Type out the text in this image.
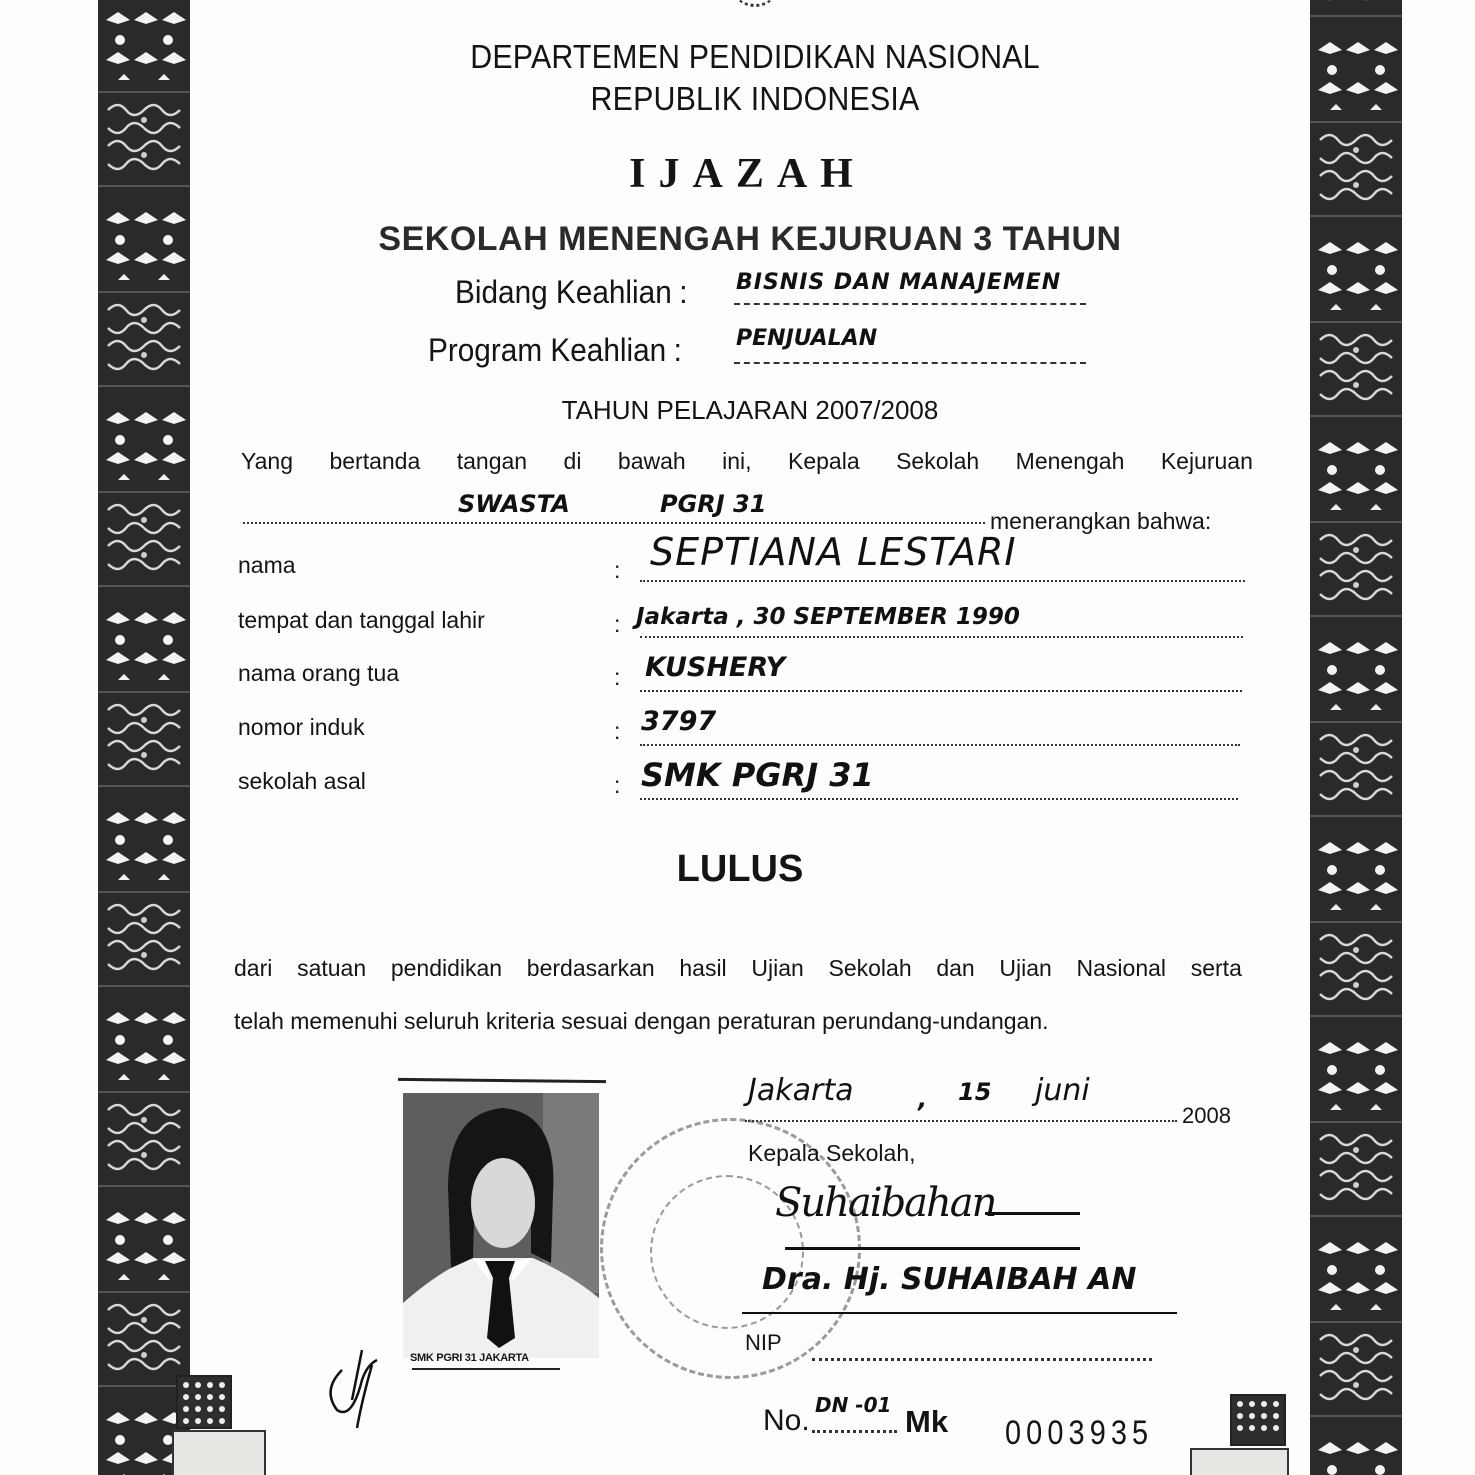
DEPARTEMEN PENDIDIKAN NASIONAL
REPUBLIK INDONESIA
IJAZAH
SEKOLAH MENENGAH KEJURUAN 3 TAHUN
Bidang Keahlian : BISNIS DAN MANAJEMEN
Program Keahlian : PENJUALAN
TAHUN PELAJARAN 2007/2008
Yang bertanda tangan di bawah ini, Kepala Sekolah Menengah Kejuruan
SWASTA	PGRJ 31
menerangkan bahwa:
nama	: SEPTIANA LESTARI
tempat dan tanggal lahir	: Jakarta , 30 SEPTEMBER 1990
nama orang tua	: KUSHERY
nomor induk	: 3797
sekolah asal	: SMK PGRJ 31
LULUS
dari satuan pendidikan berdasarkan hasil Ujian Sekolah dan Ujian Nasional serta
telah memenuhi seluruh kriteria sesuai dengan peraturan perundang-undangan.
SMK PGRI 31 JAKARTA
Jakarta	, 15 juni
2008
Kepala Sekolah,
Suhaibahan
Dra. Hj. SUHAIBAH AN
NIP
No. DN -01 Mk 0003935
